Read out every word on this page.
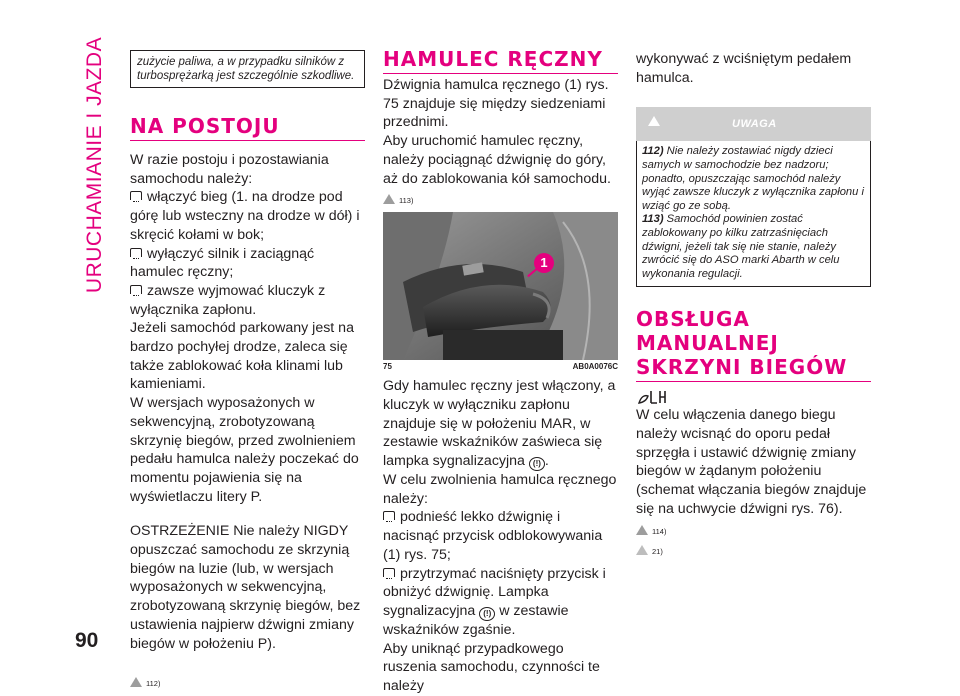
URUCHAMIANIE I JAZDA	zużycie paliwa, a w przypadku silników z turbosprężarką jest szczególnie szkodliwe.
NA POSTOJU

W razie postoju i pozostawiania samochodu należy:

włączyć bieg (1. na drodze pod górę lub wsteczny na drodze w dół) i skręcić kołami w bok;

wyłączyć silnik i zaciągnąć hamulec ręczny;

zawsze wyjmować kluczyk z wyłącznika zapłonu.

Jeżeli samochód parkowany jest na bardzo pochyłej drodze, zaleca się także zablokować koła klinami lub kamieniami.

W wersjach wyposażonych w sekwencyjną, zrobotyzowaną skrzynię biegów, przed zwolnieniem pedału hamulca należy poczekać do momentu pojawienia się na wyświetlaczu litery P.

OSTRZEŻENIE Nie należy NIGDY opuszczać samochodu ze skrzynią biegów na luzie (lub, w wersjach wyposażonych w sekwencyjną, zrobotyzowaną skrzynię biegów, bez ustawienia najpierw dźwigni zmiany biegów w położeniu P).

112)
HAMULEC RĘCZNY

Dźwignia hamulca ręcznego (1) rys. 75 znajduje się między siedzeniami przednimi.

Aby uruchomić hamulec ręczny, należy pociągnąć dźwignię do góry, aż do zablokowania kół samochodu.

113)
1
75	AB0A0076C

Gdy hamulec ręczny jest włączony, a kluczyk w wyłączniku zapłonu znajduje się w położeniu MAR, w zestawie wskaźników zaświeca się lampka sygnalizacyjna (!) .

W celu zwolnienia hamulca ręcznego należy:

podnieść lekko dźwignię i nacisnąć przycisk odblokowywania (1) rys. 75;

przytrzymać naciśnięty przycisk i obniżyć dźwignię. Lampka sygnalizacyjna (!) w zestawie wskaźników zgaśnie.

Aby uniknąć przypadkowego ruszenia samochodu, czynności te należy

wykonywać z wciśniętym pedałem hamulca.

UWAGA
112) Nie należy zostawiać nigdy dzieci samych w samochodzie bez nadzoru; ponadto, opuszczając samochód należy wyjąć zawsze kluczyk z wyłącznika zapłonu i wziąć go ze sobą.
113) Samochód powinien zostać zablokowany po kilku zatrzaśnięciach dźwigni, jeżeli tak się nie stanie, należy zwrócić się do ASO marki Abarth w celu wykonania regulacji.
OBSŁUGA
MANUALNEJ
SKRZYNI BIEGÓW

W celu włączenia danego biegu należy wcisnąć do oporu pedał sprzęgła i ustawić dźwignię zmiany biegów w żądanym położeniu (schemat włączania biegów znajduje się na uchwycie dźwigni rys. 76).

114)
21)
90
